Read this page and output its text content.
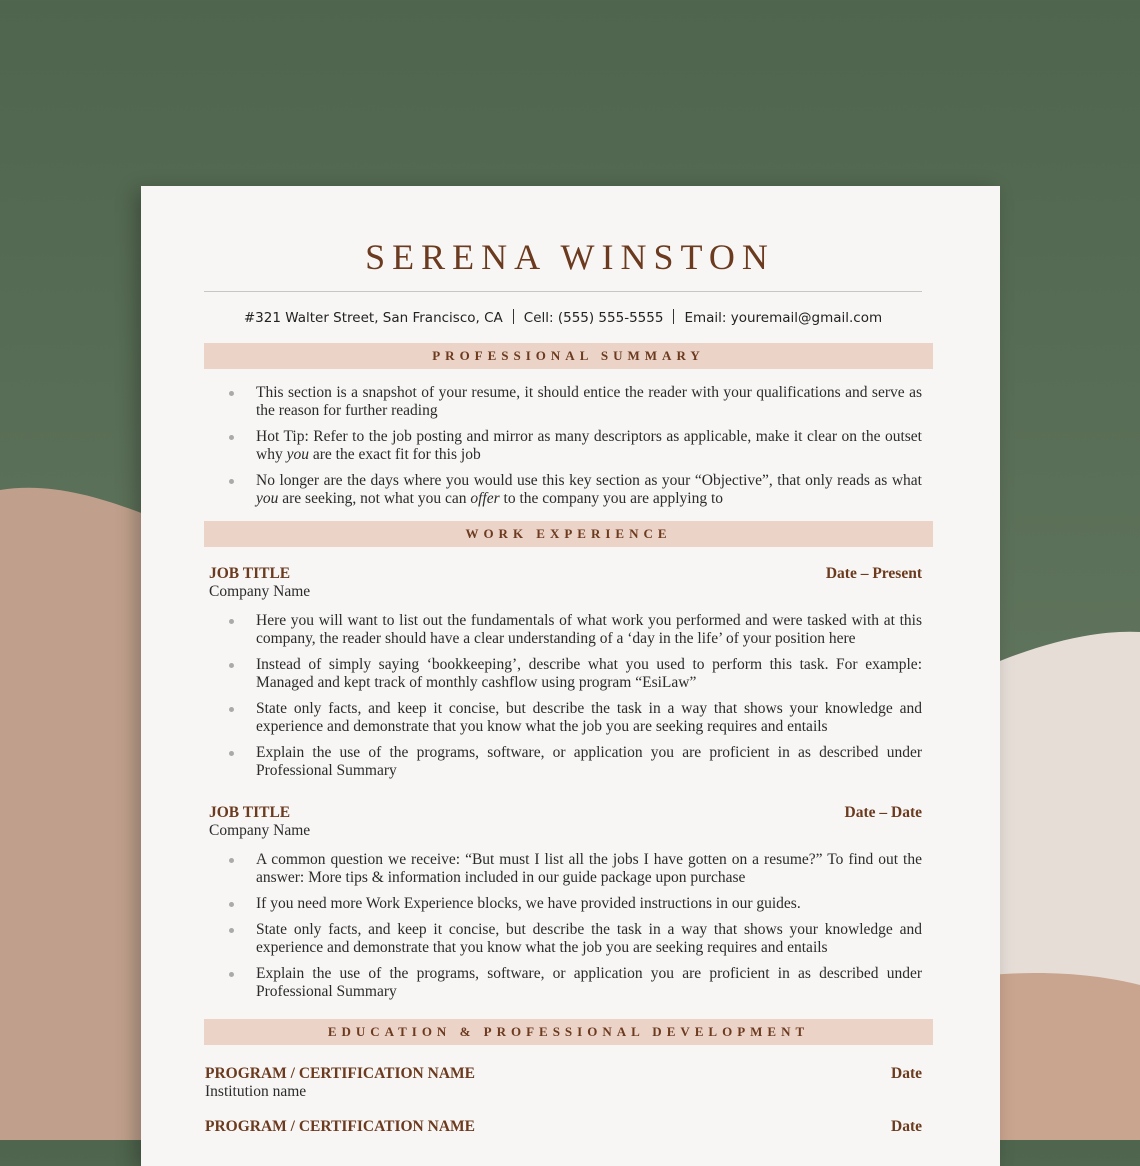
SERENA WINSTON
#321 Walter Street, San Francisco, CA Cell: (555) 555-5555 Email: youremail@gmail.com
PROFESSIONAL SUMMARY
This section is a snapshot of your resume, it should entice the reader with your qualifications and serve as the reason for further reading
Hot Tip: Refer to the job posting and mirror as many descriptors as applicable, make it clear on the outset why you are the exact fit for this job
No longer are the days where you would use this key section as your “Objective”, that only reads as what you are seeking, not what you can offer to the company you are applying to
WORK EXPERIENCE
JOB TITLE	Date – Present
Company Name
Here you will want to list out the fundamentals of what work you performed and were tasked with at this company, the reader should have a clear understanding of a ‘day in the life’ of your position here
Instead of simply saying ‘bookkeeping’, describe what you used to perform this task. For example: Managed and kept track of monthly cashflow using program “EsiLaw”
State only facts, and keep it concise, but describe the task in a way that shows your knowledge and experience and demonstrate that you know what the job you are seeking requires and entails
Explain the use of the programs, software, or application you are proficient in as described under Professional Summary
JOB TITLE	Date – Date
Company Name
A common question we receive: “But must I list all the jobs I have gotten on a resume?” To find out the answer: More tips & information included in our guide package upon purchase
If you need more Work Experience blocks, we have provided instructions in our guides.
State only facts, and keep it concise, but describe the task in a way that shows your knowledge and experience and demonstrate that you know what the job you are seeking requires and entails
Explain the use of the programs, software, or application you are proficient in as described under Professional Summary
EDUCATION & PROFESSIONAL DEVELOPMENT
PROGRAM / CERTIFICATION NAME	Date
Institution name
PROGRAM / CERTIFICATION NAME	Date
